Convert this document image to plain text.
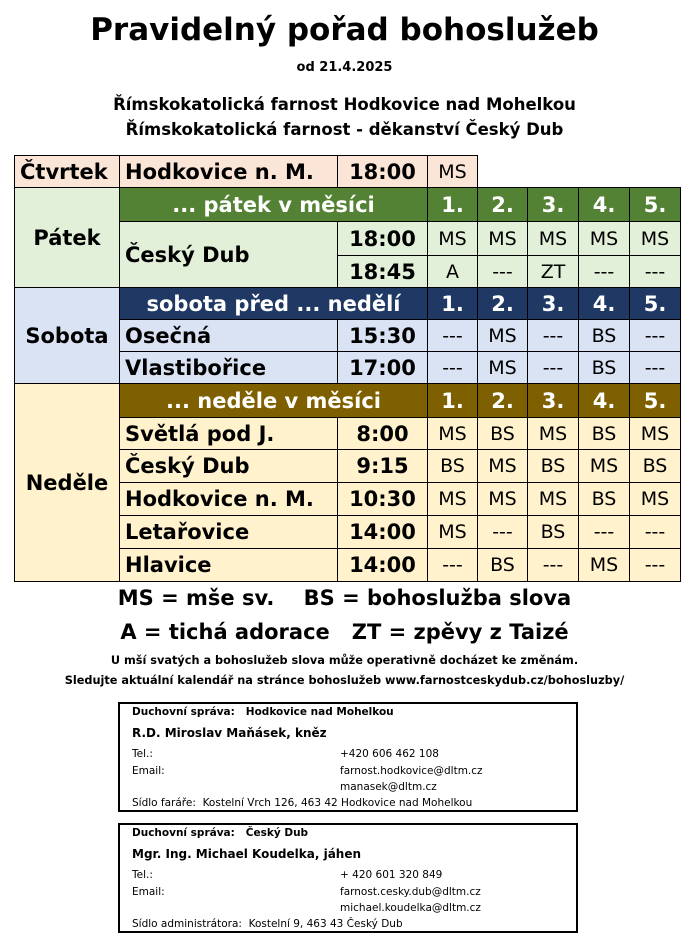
Pravidelný pořad bohoslužeb
od 21.4.2025
Římskokatolická farnost Hodkovice nad Mohelkou
Římskokatolická farnost - děkanství Český Dub
Čtvrtek Hodkovice n. M.	18:00	MS
Pátek
... pátek v měsíci	1.	2.	3.	4.	5.
Český Dub
18:00	MS	MS	MS	MS	MS
18:45	A	---	ZT	---	---
Sobota
sobota před ... nedělí	1.	2.	3.	4.	5.
Osečná	15:30	---	MS	---	BS	---
Vlastibořice	17:00	---	MS	---	BS	---
Neděle
... neděle v měsíci	1.	2.	3.	4.	5.
Světlá pod J.	8:00	MS	BS	MS	BS	MS
Český Dub	9:15	BS	MS	BS	MS	BS
Hodkovice n. M.	10:30	MS	MS	MS	BS	MS
Letařovice	14:00	MS	---	BS	---	---
Hlavice	14:00	---	BS	---	MS	---
MS = mše sv.    BS = bohoslužba slova
A = tichá adorace   ZT = zpěvy z Taizé
U mší svatých a bohoslužeb slova může operativně docházet ke změnám.
Sledujte aktuální kalendář na stránce bohoslužeb www.farnostceskydub.cz/bohosluzby/
Duchovní správa:   Hodkovice nad Mohelkou
R.D. Miroslav Maňásek, kněz
Tel.:	+420 606 462 108
Email:	farnost.hodkovice@dltm.cz
manasek@dltm.cz
Sídlo faráře:  Kostelní Vrch 126, 463 42 Hodkovice nad Mohelkou
Duchovní správa:   Český Dub
Mgr. Ing. Michael Koudelka, jáhen
Tel.:	+ 420 601 320 849
Email:	farnost.cesky.dub@dltm.cz
michael.koudelka@dltm.cz
Sídlo administrátora:  Kostelní 9, 463 43 Český Dub
